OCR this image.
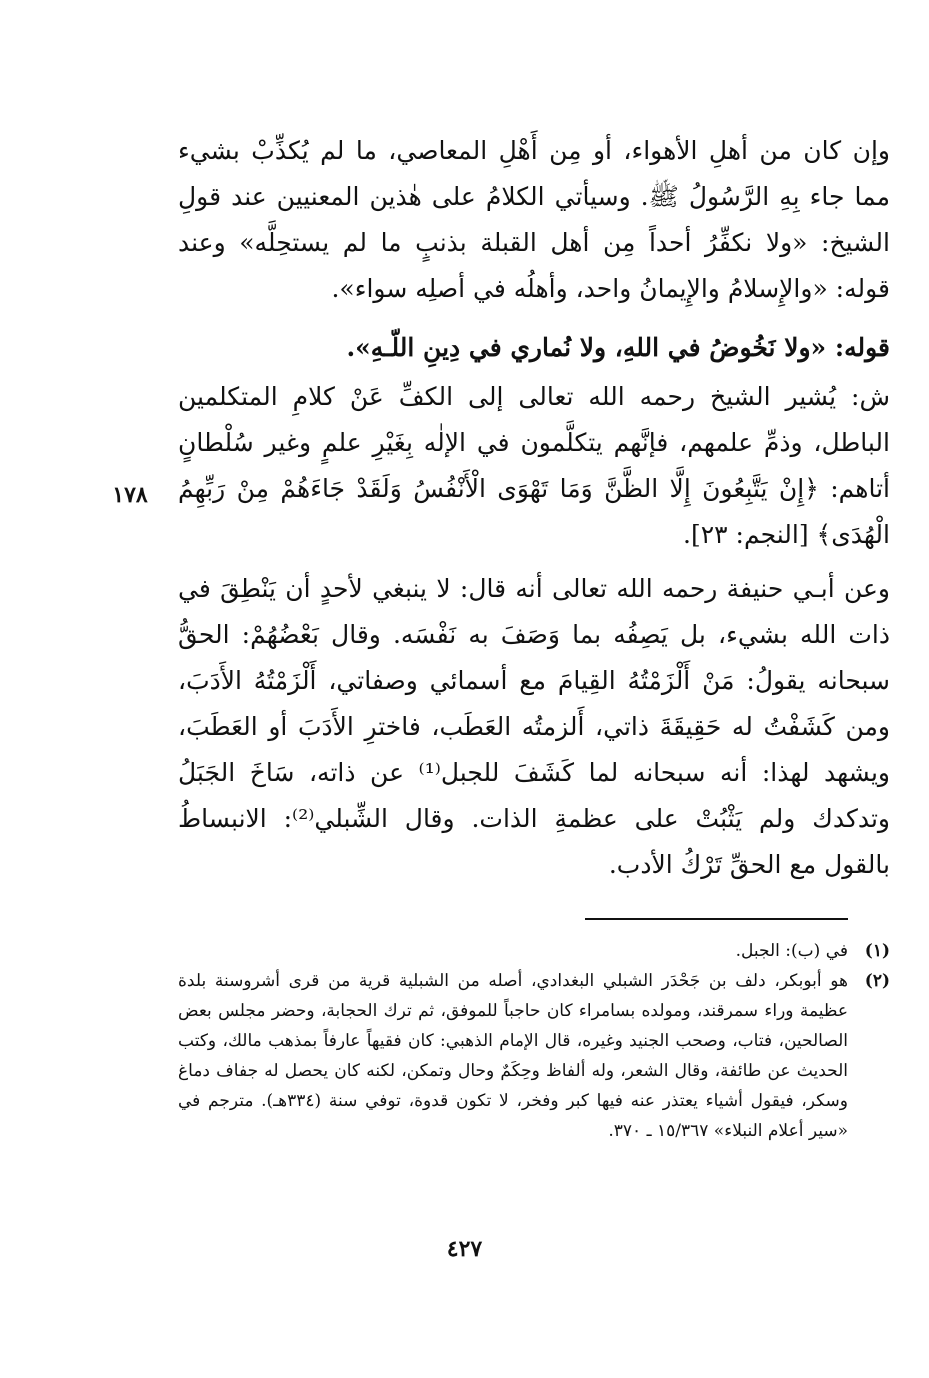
وإن كان من أهلِ الأهواء، أو مِن أَهْلِ المعاصي، ما لم يُكذِّبْ بشيء مما جاء بِهِ الرَّسُولُ ﷺ. وسيأتي الكلامُ على هٰذين المعنيين عند قولِ الشيخ: «ولا نكفِّرُ أحداً مِن أهل القبلة بذنبٍ ما لم يستحِلَّه» وعند قوله: «والإِسلامُ والإِيمانُ واحد، وأهلُه في أصلِه سواء».

قوله: «ولا نَخُوضُ في اللهِ، ولا نُماري في دِينِ اللّـهِ».

ش: يُشير الشيخ رحمه الله تعالى إلى الكفِّ عَنْ كلامِ المتكلمين الباطل، وذمِّ علمهم، فإنَّهم يتكلَّمون في الإلٰه بِغَيْرِ علمٍ وغير سُلْطانٍ أتاهم: ﴿إِنْ يَتَّبِعُونَ إِلَّا الظَّنَّ وَمَا تَهْوَى الْأَنْفُسُ وَلَقَدْ جَاءَهُمْ مِنْ رَبِّهِمُ الْهُدَى﴾ [النجم: ٢٣].

١٧٨

وعن أبـي حنيفة رحمه الله تعالى أنه قال: لا ينبغي لأحدٍ أن يَنْطِقَ في ذات الله بشيء، بل يَصِفُه بما وَصَفَ به نَفْسَه. وقال بَعْضُهُمْ: الحقُّ سبحانه يقولُ: مَنْ أَلْزَمْتُهُ القِيامَ مع أسمائي وصفاتي، أَلْزَمْتُهُ الأَدَبَ، ومن كَشَفْتُ له حَقِيقَةَ ذاتي، أَلزمتُه العَطَب، فاخترِ الأَدَبَ أو العَطَبَ، ويشهد لهذا: أنه سبحانه لما كَشَفَ للجبل⁽¹⁾ عن ذاته، سَاخَ الجَبَلُ وتدكدك ولم يَثْبُتْ على عظمةِ الذات. وقال الشِّبلي⁽²⁾: الانبساطُ بالقول مع الحقِّ تَرْكُ الأدب.

(١)
في (ب): الجبل.
(٢)
هو أبوبكر، دلف بن جَحْدَر الشبلي البغدادي، أصله من الشبلية قرية من قرى أشروسنة بلدة عظيمة وراء سمرقند، ومولده بسامراء كان حاجباً للموفق، ثم ترك الحجابة، وحضر مجلس بعض الصالحين، فتاب، وصحب الجنيد وغيره، قال الإمام الذهبي: كان فقيهاً عارفاً بمذهب مالك، وكتب الحديث عن طائفة، وقال الشعر، وله ألفاظ وحِكَمٌ وحال وتمكن، لكنه كان يحصل له جفاف دماغ وسكر، فيقول أشياء يعتذر عنه فيها كبر وفخر، لا تكون قدوة، توفي سنة (٣٣٤هـ). مترجم في «سير أعلام النبلاء» ١٥/٣٦٧ ـ ٣٧٠.
٤٢٧
